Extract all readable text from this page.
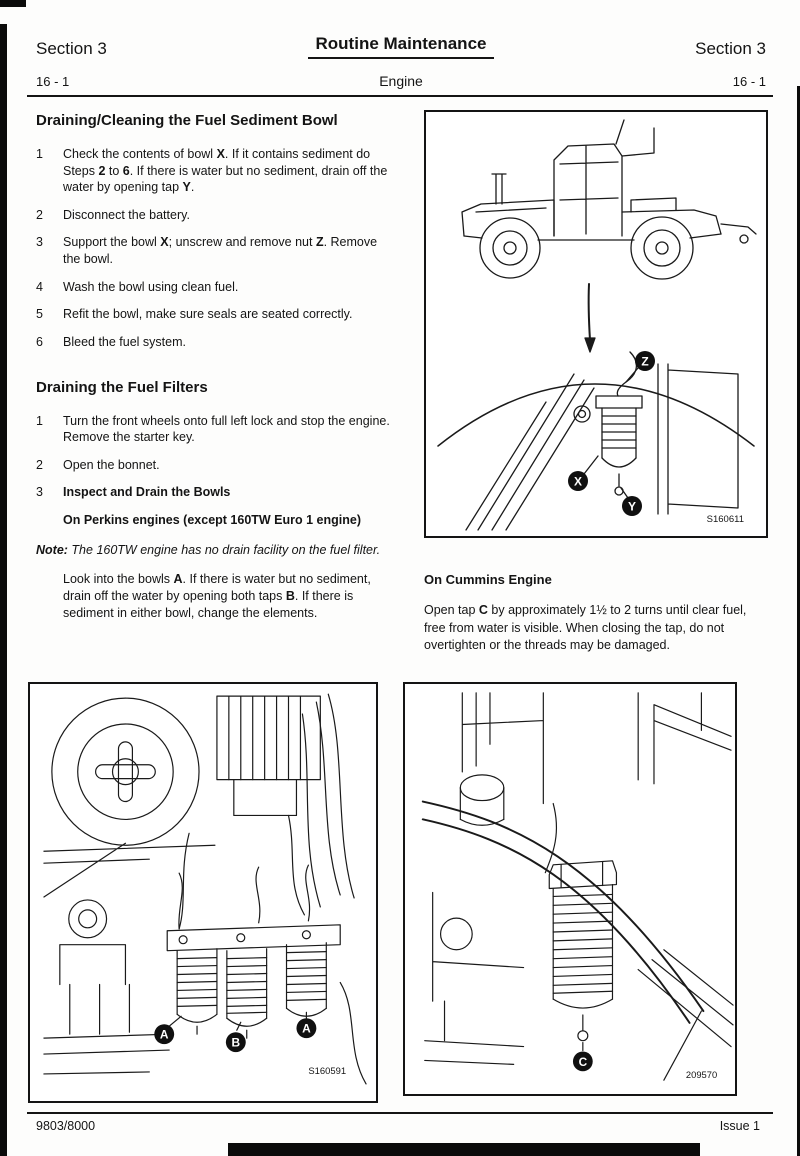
Section 3	Routine Maintenance	Section 3
16 - 1	Engine	16 - 1
Draining/Cleaning the Fuel Sediment Bowl
1	Check the contents of bowl X. If it contains sediment do Steps 2 to 6. If there is water but no sediment, drain off the water by opening tap Y.
2	Disconnect the battery.
3	Support the bowl X; unscrew and remove nut Z. Remove the bowl.
4	Wash the bowl using clean fuel.
5	Refit the bowl, make sure seals are seated correctly.
6	Bleed the fuel system.
Draining the Fuel Filters
1	Turn the front wheels onto full left lock and stop the engine. Remove the starter key.
2	Open the bonnet.
3	Inspect and Drain the Bowls
On Perkins engines (except 160TW Euro 1 engine)
Note: The 160TW engine has no drain facility on the fuel filter.
Look into the bowls A. If there is water but no sediment, drain off the water by opening both taps B. If there is sediment in either bowl, change the elements.
Z
X
Y
S160611
On Cummins Engine
Open tap C by approximately 1½ to 2 turns until clear fuel, free from water is visible. When closing the tap, do not overtighten or the threads may be damaged.
A
B
A
S160591
C
209570
9803/8000	Issue 1
